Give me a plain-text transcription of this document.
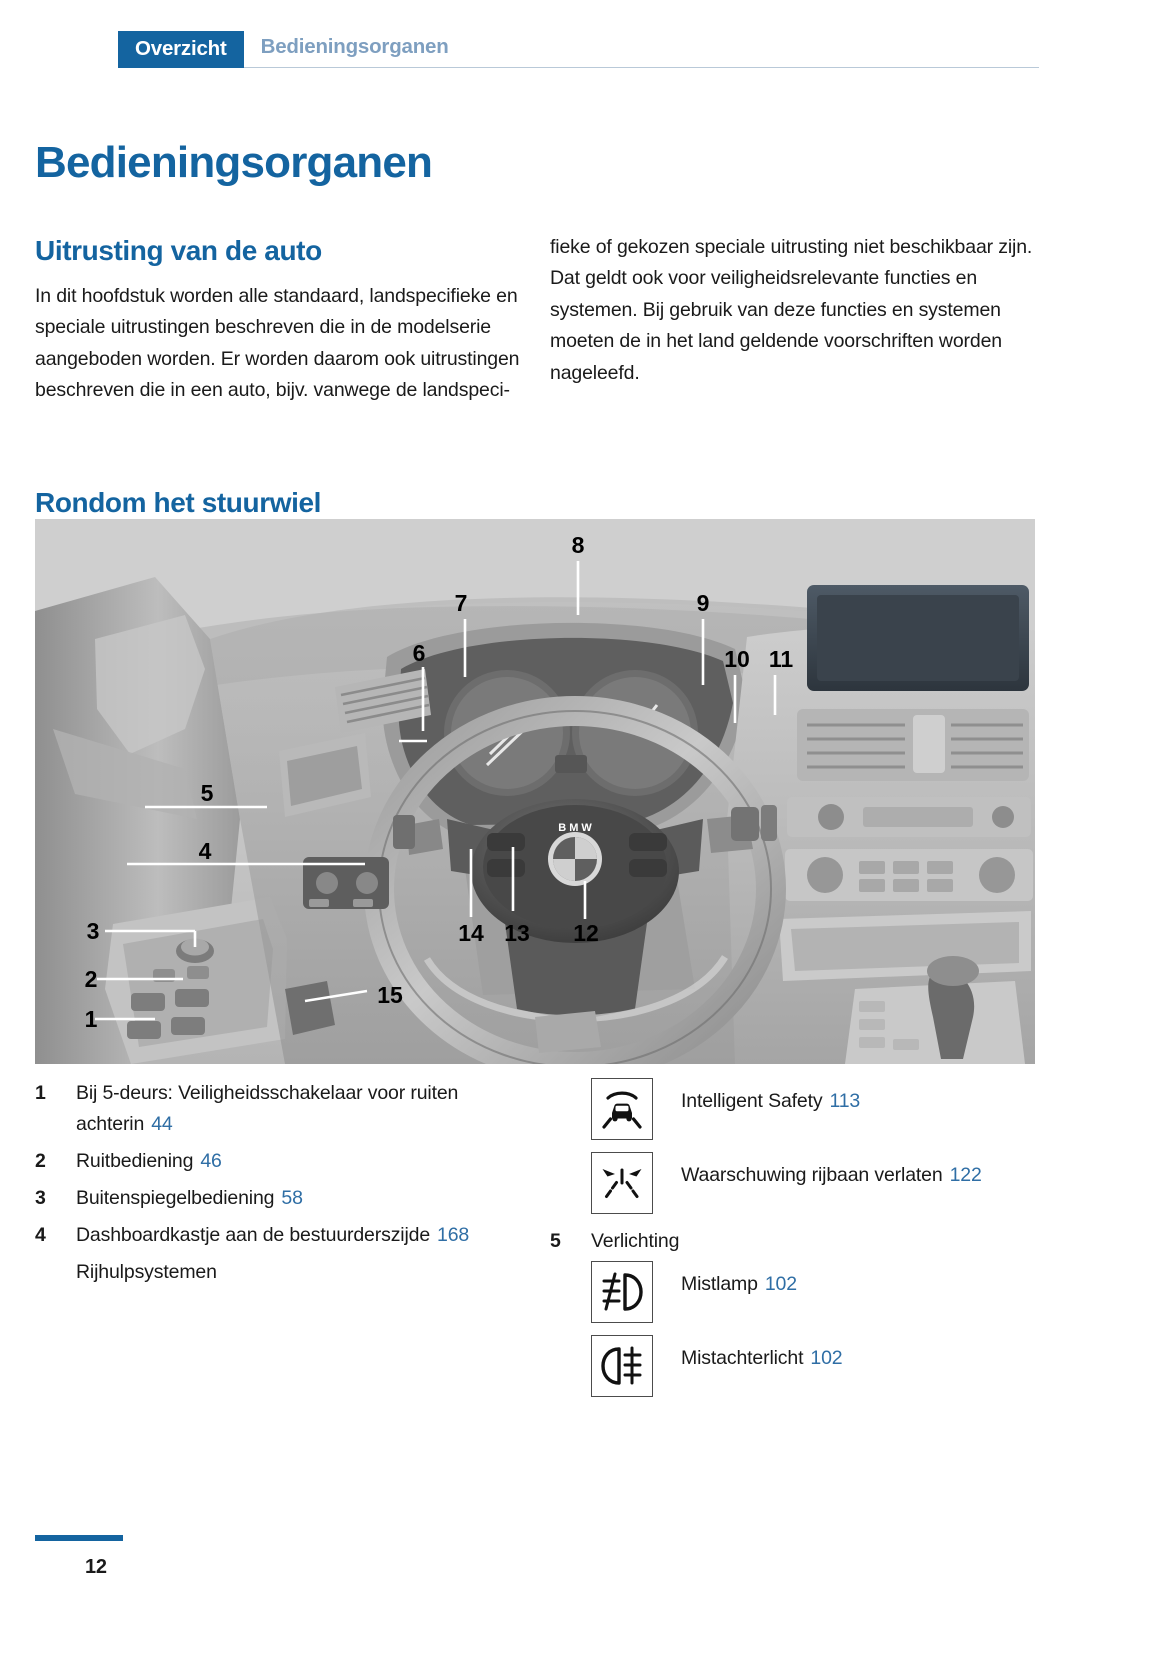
Overzicht	Bedieningsorganen
Bedieningsorganen
Uitrusting van de auto

In dit hoofdstuk worden alle standaard, landspecifieke en speciale uitrustingen beschreven die in de modelserie aangeboden worden. Er worden daarom ook uitrustingen beschreven die in een auto, bijv. vanwege de landspeci-

fieke of gekozen speciale uitrusting niet beschikbaar zijn. Dat geldt ook voor veiligheidsrelevante functies en systemen. Bij gebruik van deze functies en systemen moeten de in het land geldende voorschriften worden nageleefd.

Rondom het stuurwiel
B M W
8
7
6
9
10 11
5
4
3
2
1
15
14 13 12
1	Bij 5-deurs: Veiligheidsschakelaar voor ruiten achterin 44
2	Ruitbediening 46
3	Buitenspiegelbediening 58
4	Dashboardkastje aan de bestuurderszijde 168
Rijhulpsystemen
Intelligent Safety 113
Waarschuwing rijbaan verlaten 122
5	Verlichting
Mistlamp 102
Mistachterlicht 102
12
